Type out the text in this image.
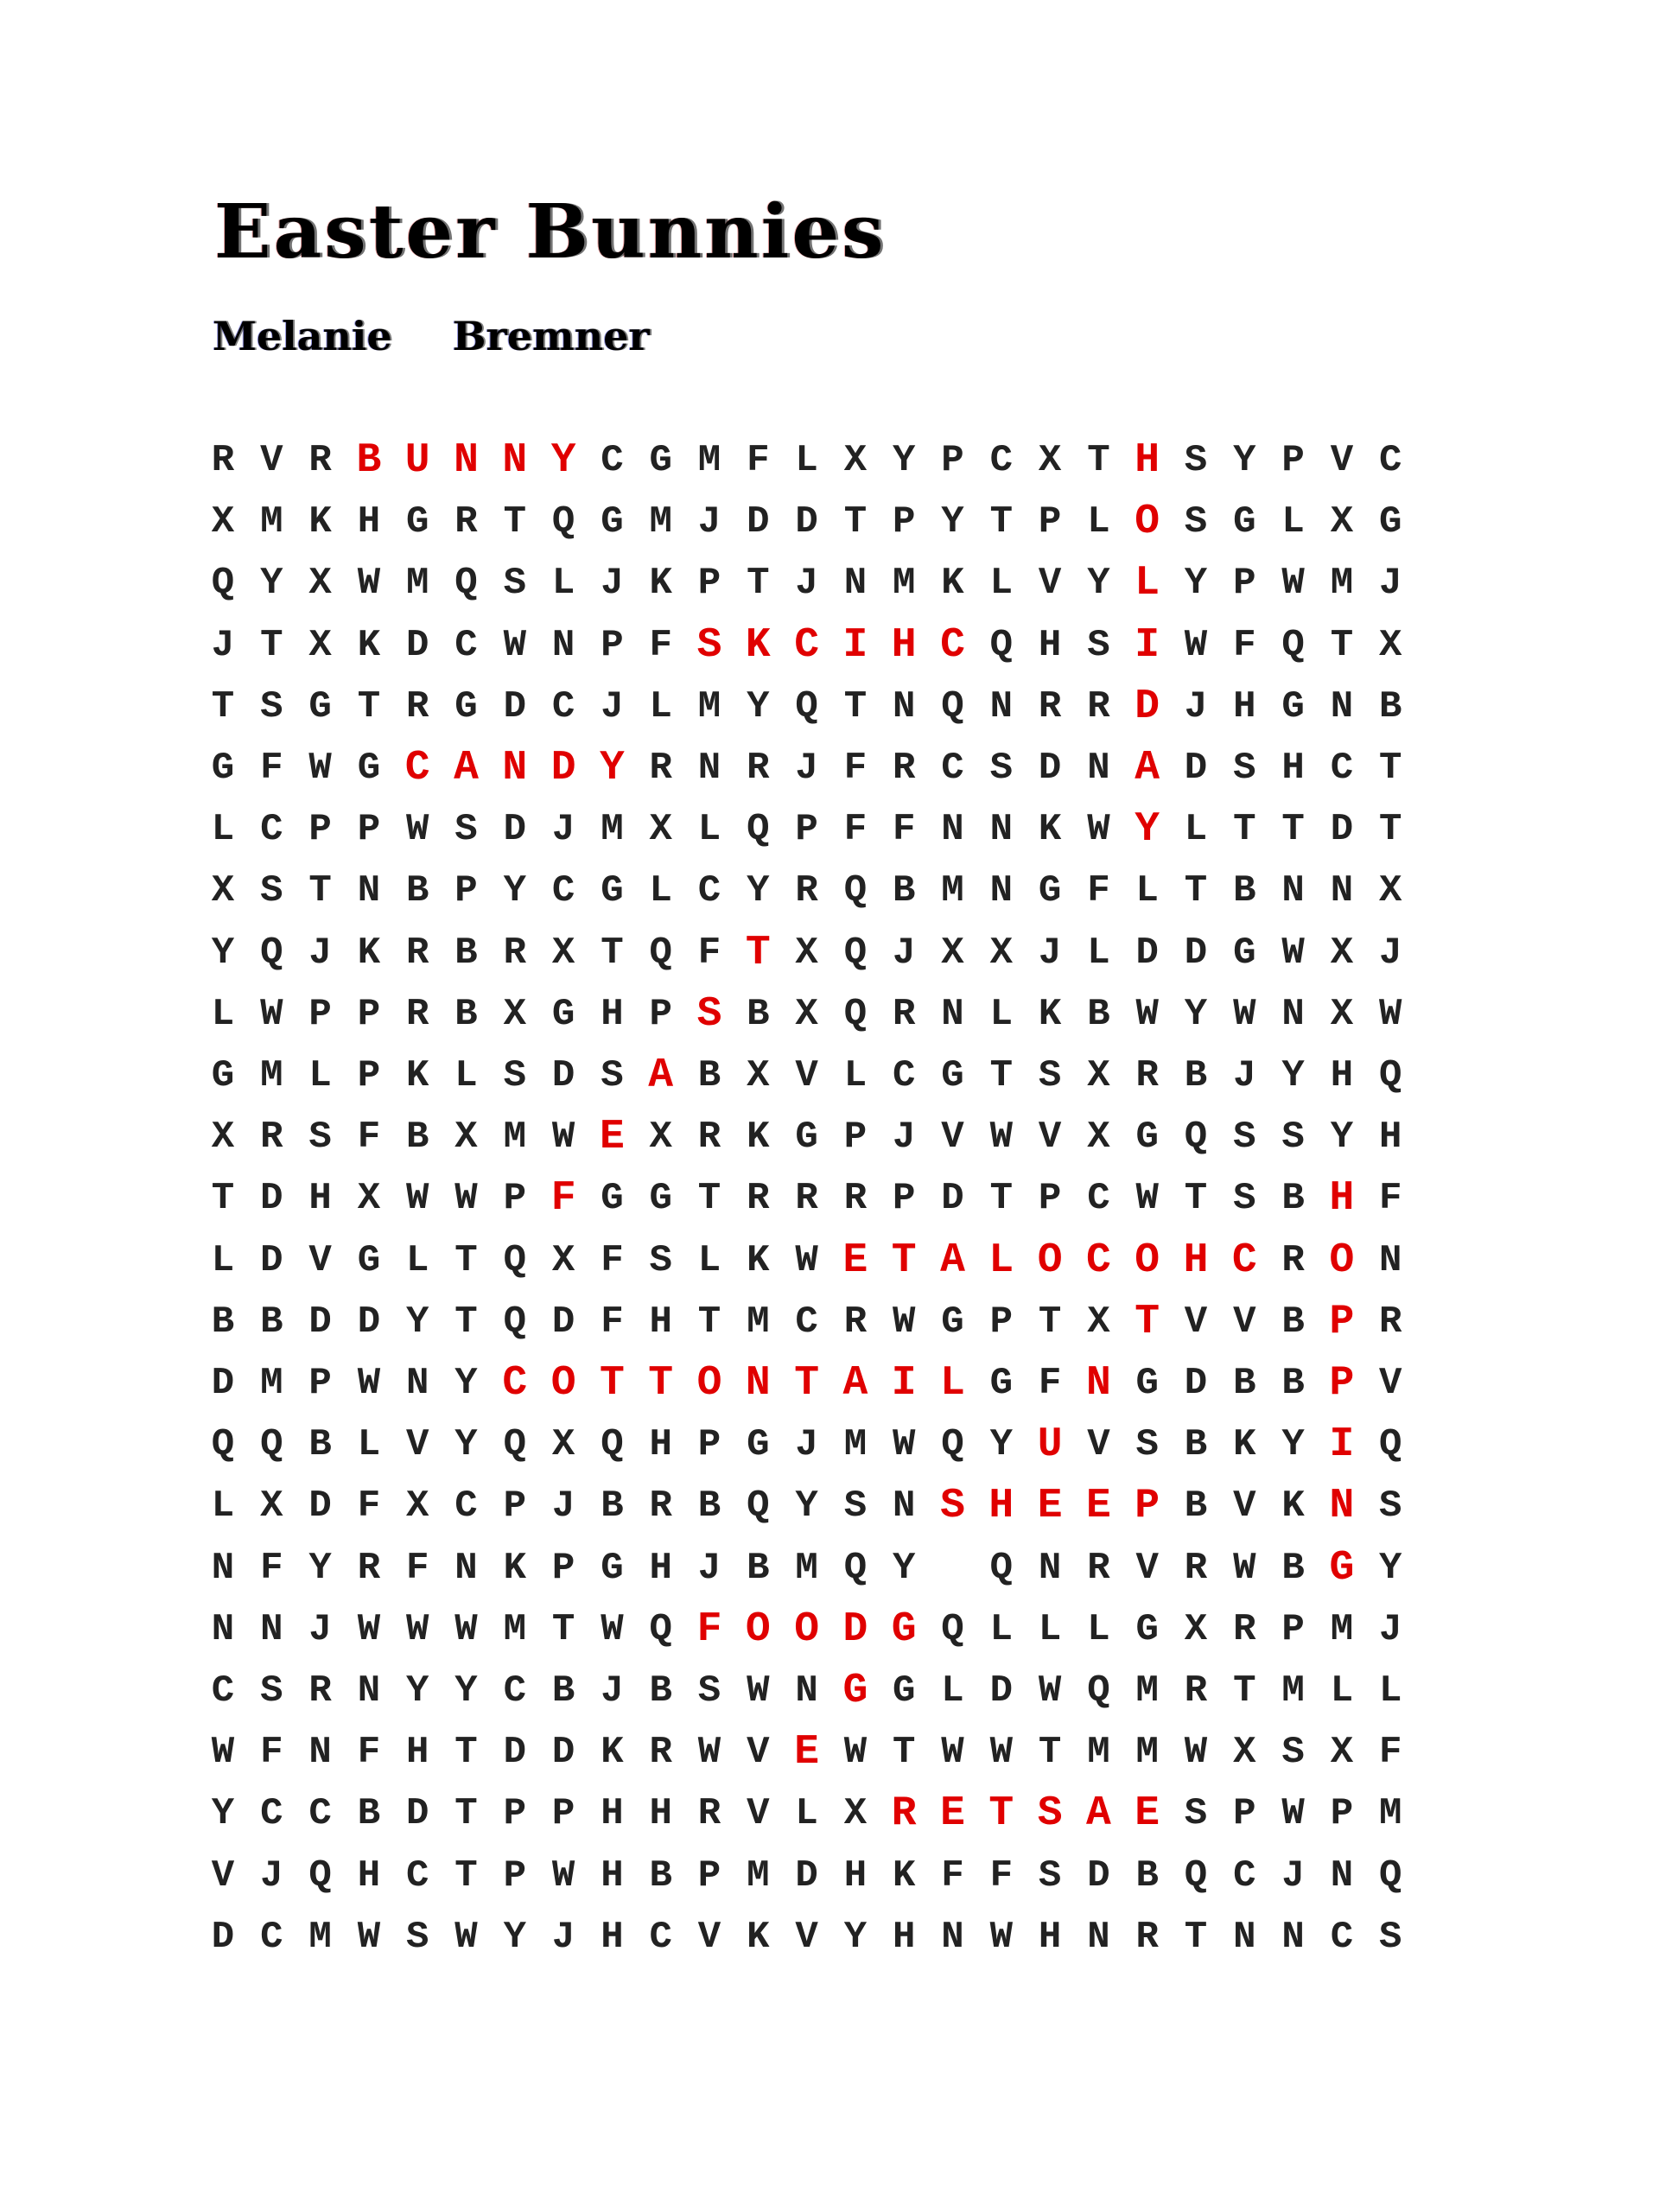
Easter Bunnies
Melanie Bremner
R V R B U N N Y C G M F L X Y P C X T H S Y P V C
X M K H G R T Q G M J D D T P Y T P L O S G L X G
Q Y X W M Q S L J K P T J N M K L V Y L Y P W M J
J T X K D C W N P F S K C I H C Q H S I W F Q T X
T S G T R G D C J L M Y Q T N Q N R R D J H G N B
G F W G C A N D Y R N R J F R C S D N A D S H C T
L C P P W S D J M X L Q P F F N N K W Y L T T D T
X S T N B P Y C G L C Y R Q B M N G F L T B N N X
Y Q J K R B R X T Q F T X Q J X X J L D D G W X J
L W P P R B X G H P S B X Q R N L K B W Y W N X W
G M L P K L S D S A B X V L C G T S X R B J Y H Q
X R S F B X M W E X R K G P J V W V X G Q S S Y H
T D H X W W P F G G T R R R P D T P C W T S B H F
L D V G L T Q X F S L K W E T A L O C O H C R O N
B B D D Y T Q D F H T M C R W G P T X T V V B P R
D M P W N Y C O T T O N T A I L G F N G D B B P V
Q Q B L V Y Q X Q H P G J M W Q Y U V S B K Y I Q
L X D F X C P J B R B Q Y S N S H E E P B V K N S
N F Y R F N K P G H J B M Q Y	Q N R V R W B G Y
N N J W W W M T W Q F O O D G Q L L L G X R P M J
C S R N Y Y C B J B S W N G G L D W Q M R T M L L
W F N F H T D D K R W V E W T W W T M M W X S X F
Y C C B D T P P H H R V L X R E T S A E S P W P M
V J Q H C T P W H B P M D H K F F S D B Q C J N Q
D C M W S W Y J H C V K V Y H N W H N R T N N C S
